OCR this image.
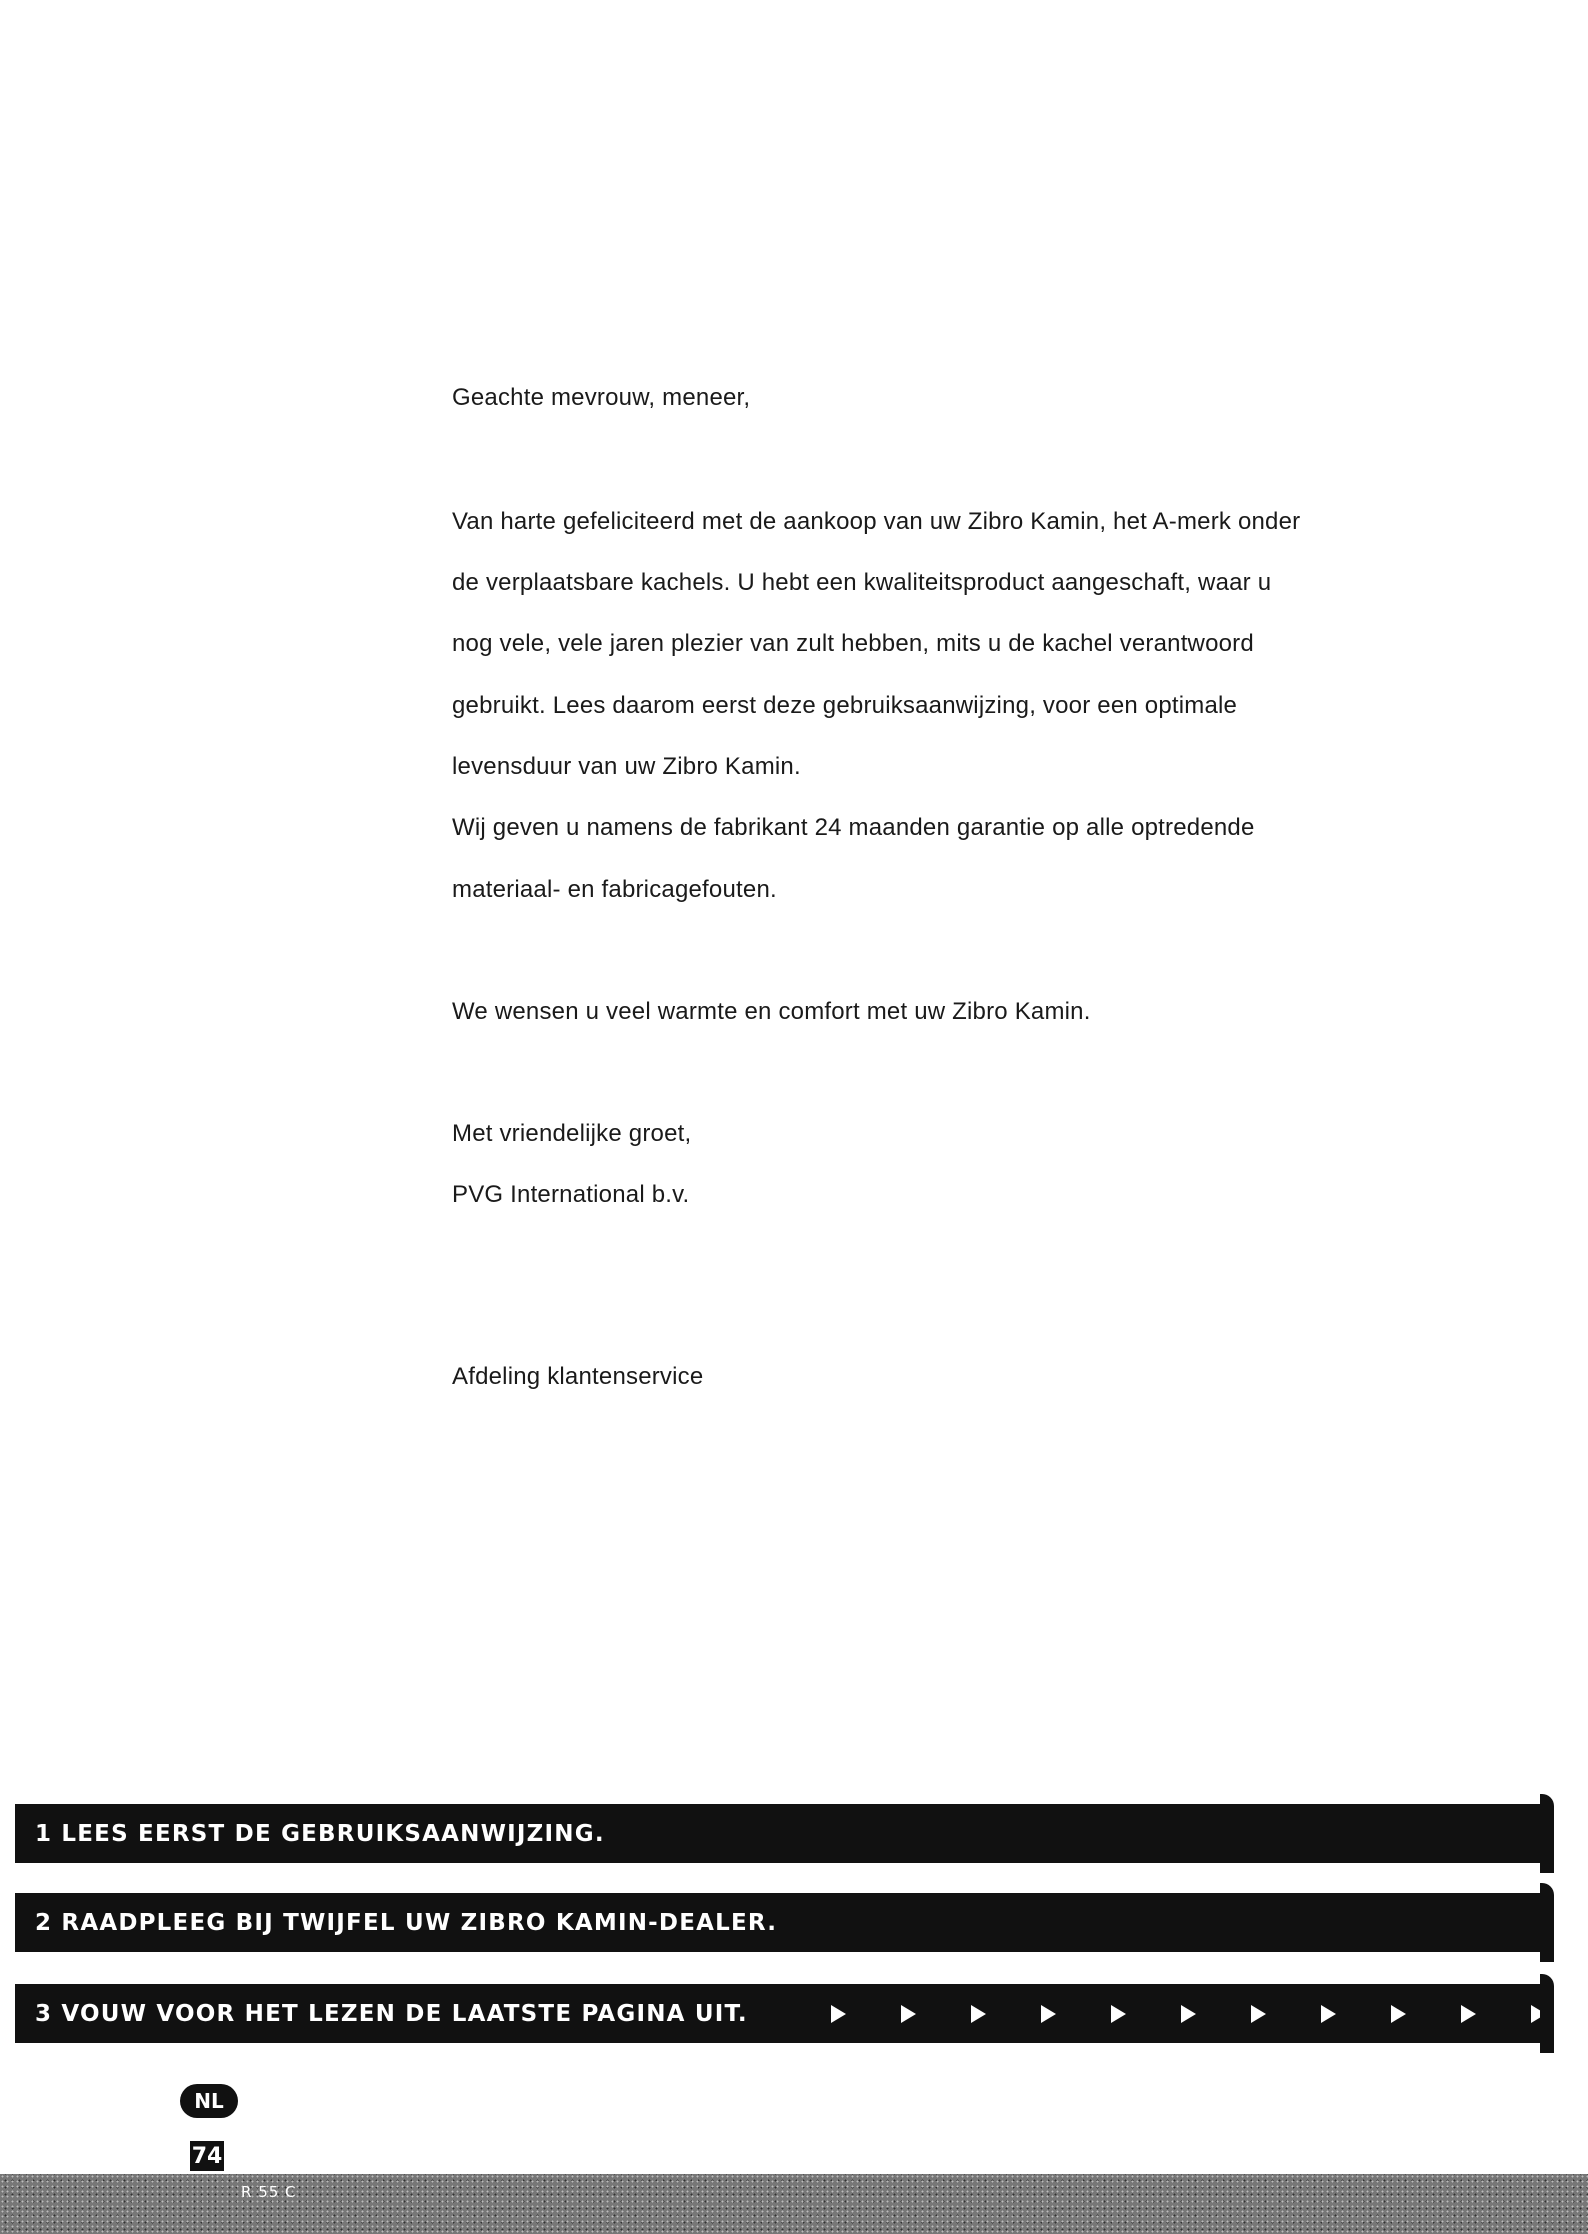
Geachte mevrouw, meneer,
Van harte gefeliciteerd met de aankoop van uw Zibro Kamin, het A-merk onder
de verplaatsbare kachels. U hebt een kwaliteitsproduct aangeschaft, waar u
nog vele, vele jaren plezier van zult hebben, mits u de kachel verantwoord
gebruikt. Lees daarom eerst deze gebruiksaanwijzing, voor een optimale
levensduur van uw Zibro Kamin.
Wij geven u namens de fabrikant 24 maanden garantie op alle optredende
materiaal- en fabricagefouten.
We wensen u veel warmte en comfort met uw Zibro Kamin.
Met vriendelijke groet,
PVG International b.v.
Afdeling klantenservice
1 LEES EERST DE GEBRUIKSAANWIJZING.
2 RAADPLEEG BIJ TWIJFEL UW ZIBRO KAMIN-DEALER.
3 VOUW VOOR HET LEZEN DE LAATSTE PAGINA UIT.
NL
74
R 55 C
